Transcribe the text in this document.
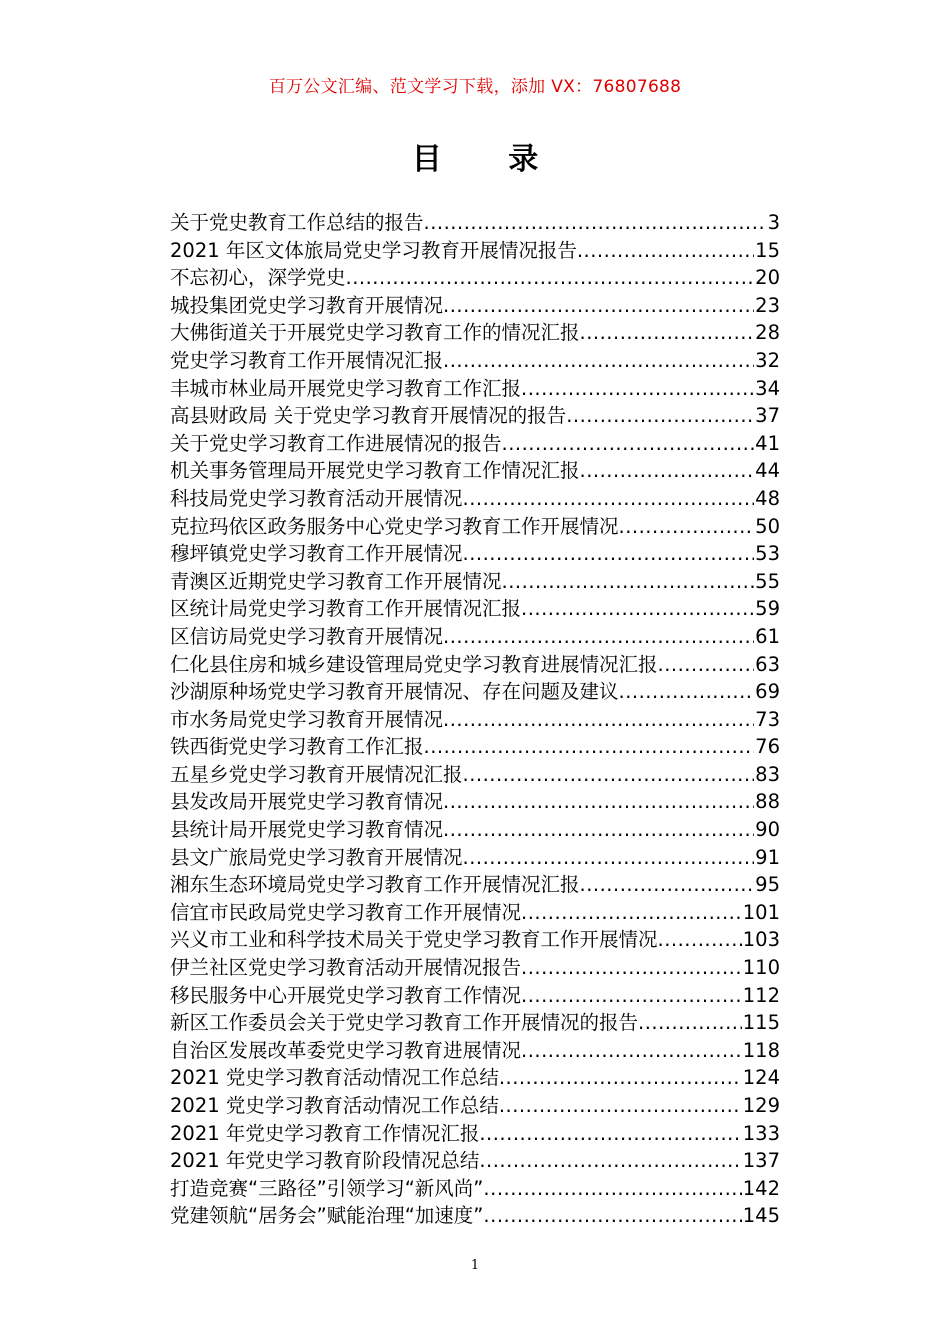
百万公文汇编、范文学习下载，添加 VX：76807688
目 录
关于党史教育工作总结的报告 .....	3
2021 年区文体旅局党史学习教育开展情况报告 .....	15
不忘初心，深学党史 .....	20
城投集团党史学习教育开展情况 .....	23
大佛街道关于开展党史学习教育工作的情况汇报 .....	28
党史学习教育工作开展情况汇报 .....	32
丰城市林业局开展党史学习教育工作汇报 .....	34
高县财政局 关于党史学习教育开展情况的报告 .....	37
关于党史学习教育工作进展情况的报告 .....	41
机关事务管理局开展党史学习教育工作情况汇报 .....	44
科技局党史学习教育活动开展情况 .....	48
克拉玛依区政务服务中心党史学习教育工作开展情况 .....	50
穆坪镇党史学习教育工作开展情况 .....	53
青澳区近期党史学习教育工作开展情况 .....	55
区统计局党史学习教育工作开展情况汇报 .....	59
区信访局党史学习教育开展情况 .....	61
仁化县住房和城乡建设管理局党史学习教育进展情况汇报 .....	63
沙湖原种场党史学习教育开展情况、存在问题及建议 .....	69
市水务局党史学习教育开展情况 .....	73
铁西街党史学习教育工作汇报 .....	76
五星乡党史学习教育开展情况汇报 .....	83
县发改局开展党史学习教育情况 .....	88
县统计局开展党史学习教育情况 .....	90
县文广旅局党史学习教育开展情况 .....	91
湘东生态环境局党史学习教育工作开展情况汇报 .....	95
信宜市民政局党史学习教育工作开展情况 .....	101
兴义市工业和科学技术局关于党史学习教育工作开展情况 .....	103
伊兰社区党史学习教育活动开展情况报告 .....	110
移民服务中心开展党史学习教育工作情况 .....	112
新区工作委员会关于党史学习教育工作开展情况的报告 .....	115
自治区发展改革委党史学习教育进展情况 .....	118
2021 党史学习教育活动情况工作总结 .....	124
2021 党史学习教育活动情况工作总结 .....	129
2021 年党史学习教育工作情况汇报 .....	133
2021 年党史学习教育阶段情况总结 .....	137
打造竞赛“三路径”引领学习“新风尚” .....	142
党建领航“居务会”赋能治理“加速度” .....	145
1
